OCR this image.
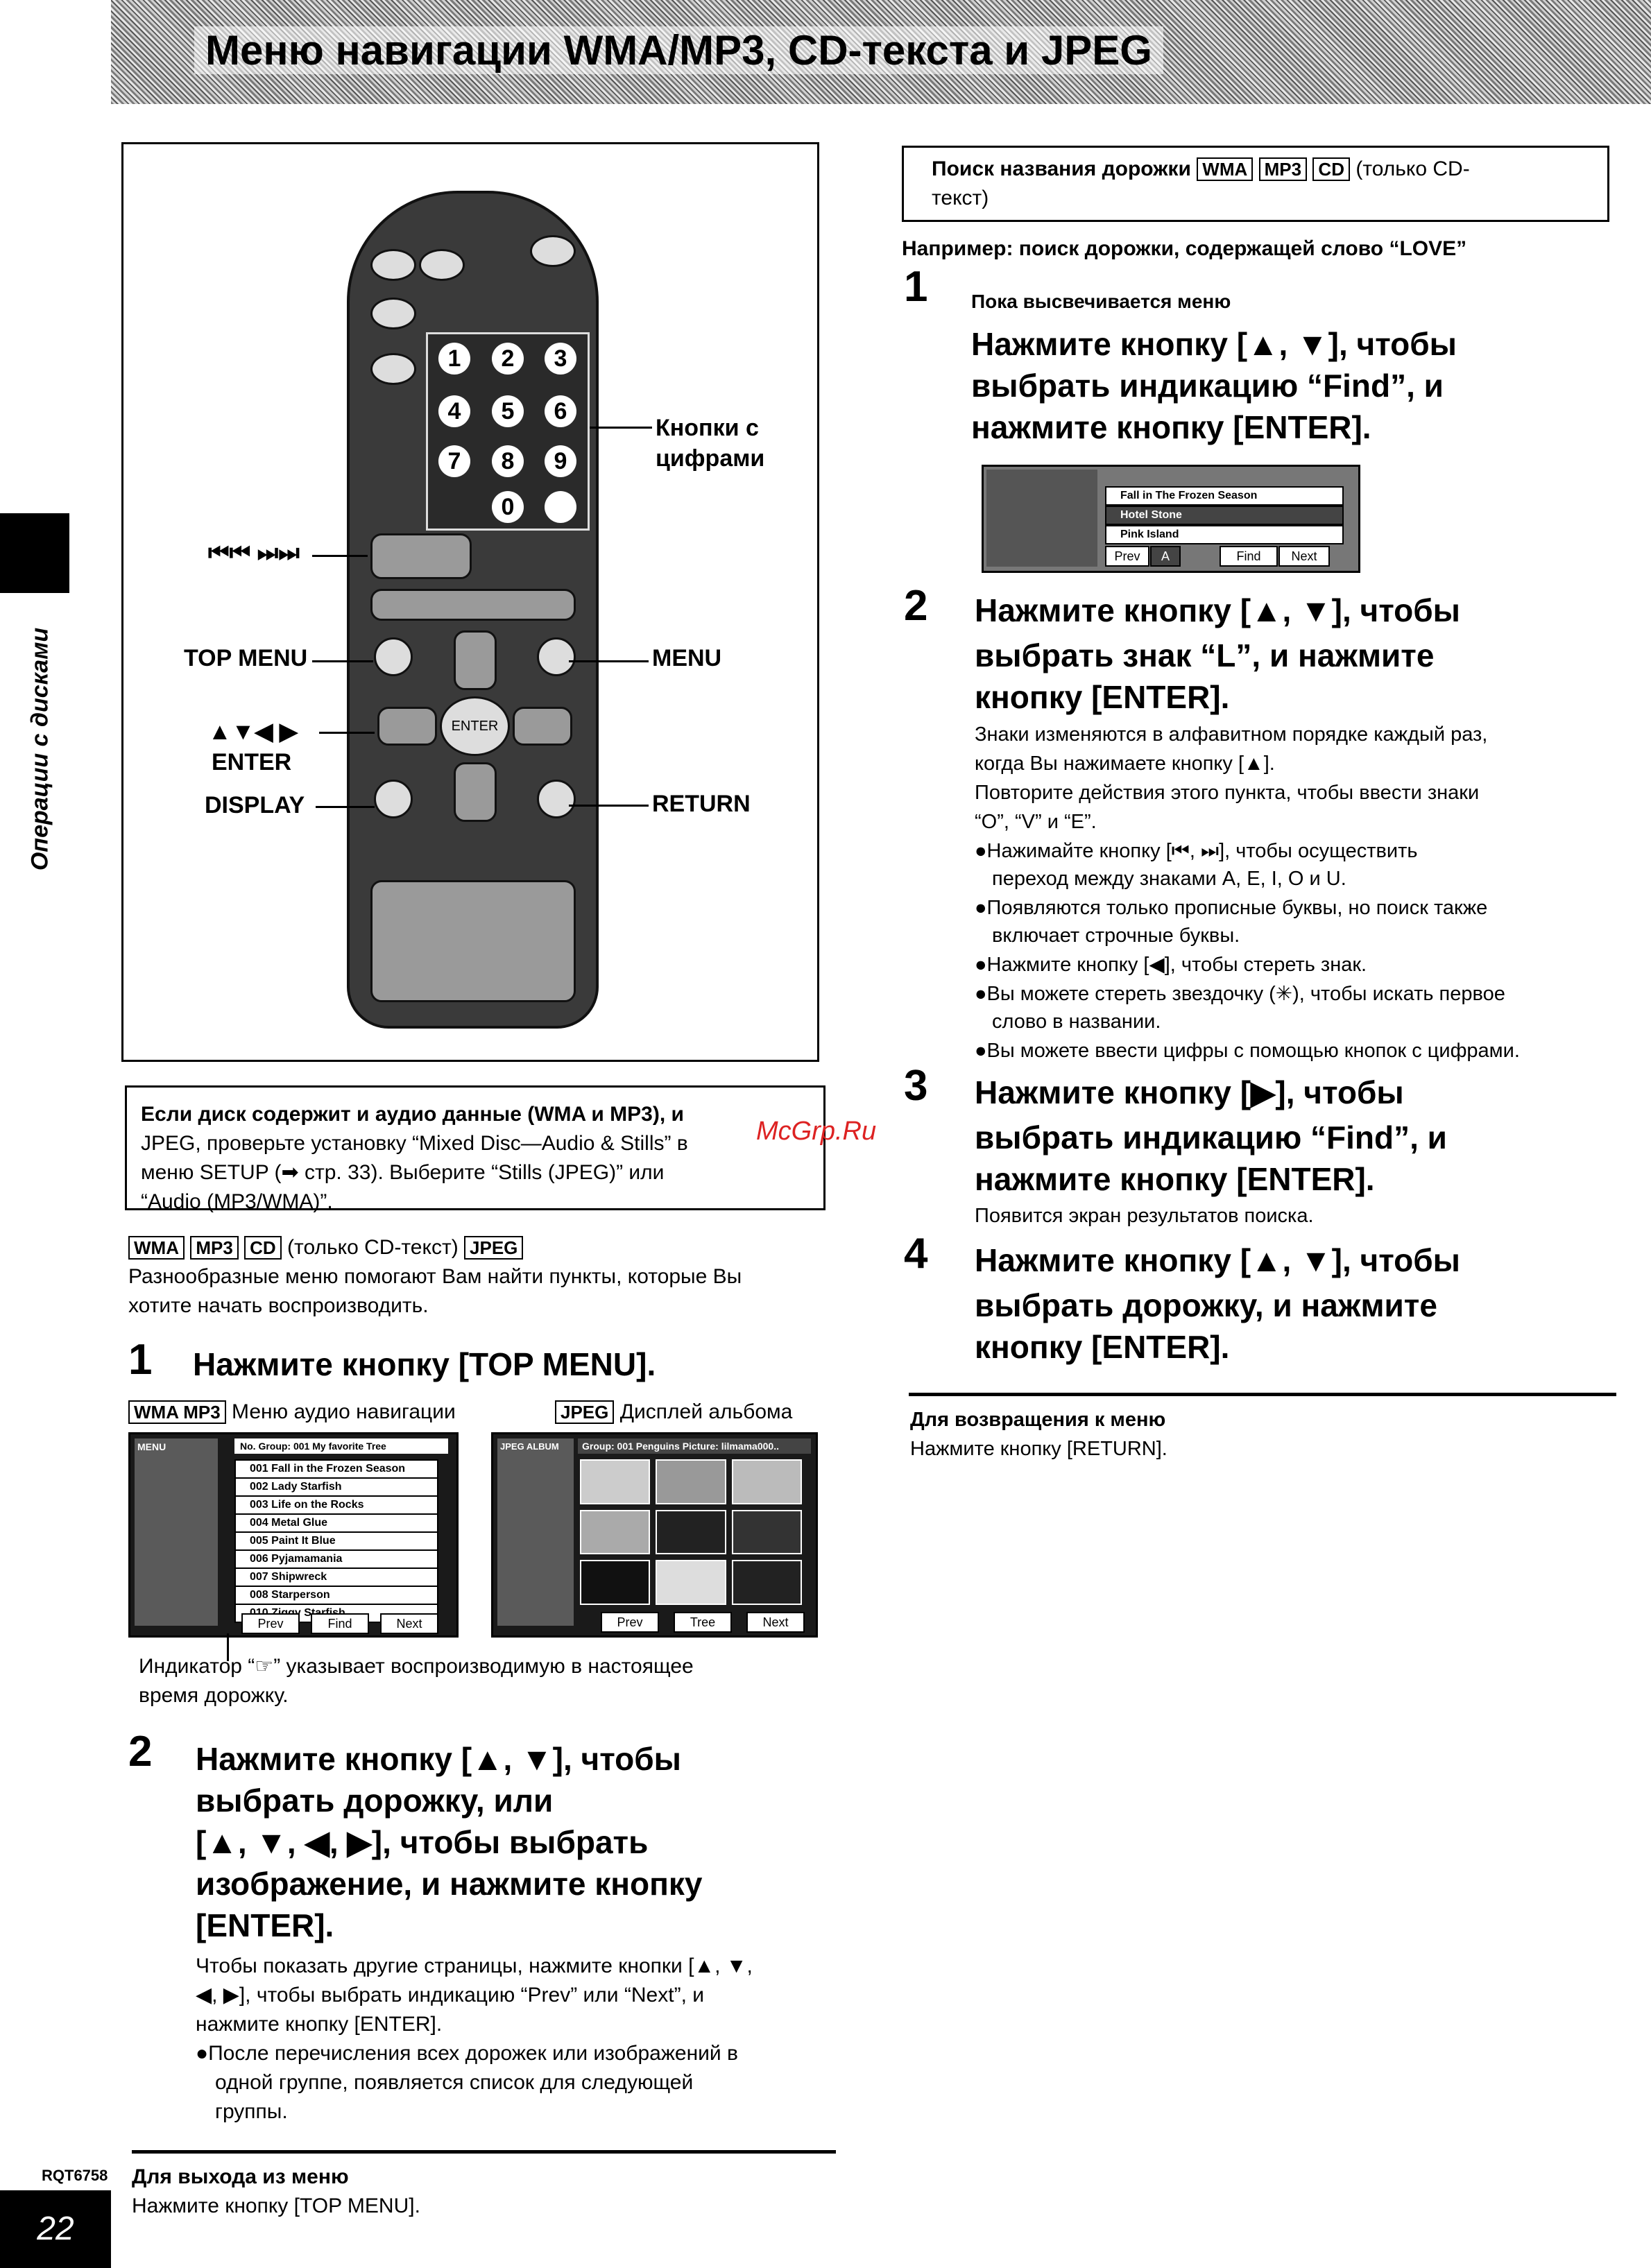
Меню навигации WMA/MP3, CD-текста и JPEG
Операции с дисками
1	2	3
4	5	6
7	8	9
0
ENTER
Кнопки с цифрами
⏮⏮ ⏭⏭
TOP MENU	MENU
▲▼◀ ▶
ENTER
DISPLAY	RETURN
Если диск содержит и аудио данные (WMA и MP3), и
JPEG, проверьте установку “Mixed Disc—Audio & Stills” в
меню SETUP (➡ стр. 33). Выберите “Stills (JPEG)” или
“Audio (MP3/WMA)”.
McGrp.Ru
WMA MP3 CD (только CD-текст) JPEG
Разнообразные меню помогают Вам найти пункты, которые Вы
хотите начать воспроизводить.
1 Нажмите кнопку [TOP MENU].
WMA MP3 Меню аудио навигации	JPEG Дисплей альбома
MENU	No. Group: 001 My favorite Tree
001 Fall in the Frozen Season
002 Lady Starfish
003 Life on the Rocks
004 Metal Glue
005 Paint It Blue
006 Pyjamamania
007 Shipwreck
008 Starperson
Prev	Find	Next
JPEG ALBUM	Group: 001 Penguins Picture: lilmama000..
Prev	Tree	Next
Индикатор “☞” указывает воспроизводимую в настоящее
время дорожку.
2 Нажмите кнопку [▲, ▼], чтобы
выбрать дорожку, или
[▲, ▼, ◀, ▶], чтобы выбрать
изображение, и нажмите кнопку
[ENTER].
Чтобы показать другие страницы, нажмите кнопки [▲, ▼,
◀, ▶], чтобы выбрать индикацию “Prev” или “Next”, и
нажмите кнопку [ENTER].
●После перечисления всех дорожек или изображений в
одной группе, появляется список для следующей
группы.
Для выхода из меню
Нажмите кнопку [TOP MENU].
RQT6758
22
Поиск названия дорожки WMA MP3 CD (только CD-
текст)
Например: поиск дорожки, содержащей слово “LOVE”
1 Пока высвечивается меню
Нажмите кнопку [▲, ▼], чтобы
выбрать индикацию “Find”, и
нажмите кнопку [ENTER].
Fall in The Frozen Season
Hotel Stone
Pink Island
Prev	A	Find	Next
2 Нажмите кнопку [▲, ▼], чтобы
выбрать знак “L”, и нажмите
кнопку [ENTER].
Знаки изменяются в алфавитном порядке каждый раз,
когда Вы нажимаете кнопку [▲].
Повторите действия этого пункта, чтобы ввести знаки
“O”, “V” и “E”.
●Нажимайте кнопку [⏮, ⏭], чтобы осуществить
переход между знаками A, E, I, O и U.
●Появляются только прописные буквы, но поиск также
включает строчные буквы.
●Нажмите кнопку [◀], чтобы стереть знак.
●Вы можете стереть звездочку (✳), чтобы искать первое
слово в названии.
●Вы можете ввести цифры с помощью кнопок с цифрами.
3 Нажмите кнопку [▶], чтобы
выбрать индикацию “Find”, и
нажмите кнопку [ENTER].
Появится экран результатов поиска.
4 Нажмите кнопку [▲, ▼], чтобы
выбрать дорожку, и нажмите
кнопку [ENTER].
Для возвращения к меню
Нажмите кнопку [RETURN].
